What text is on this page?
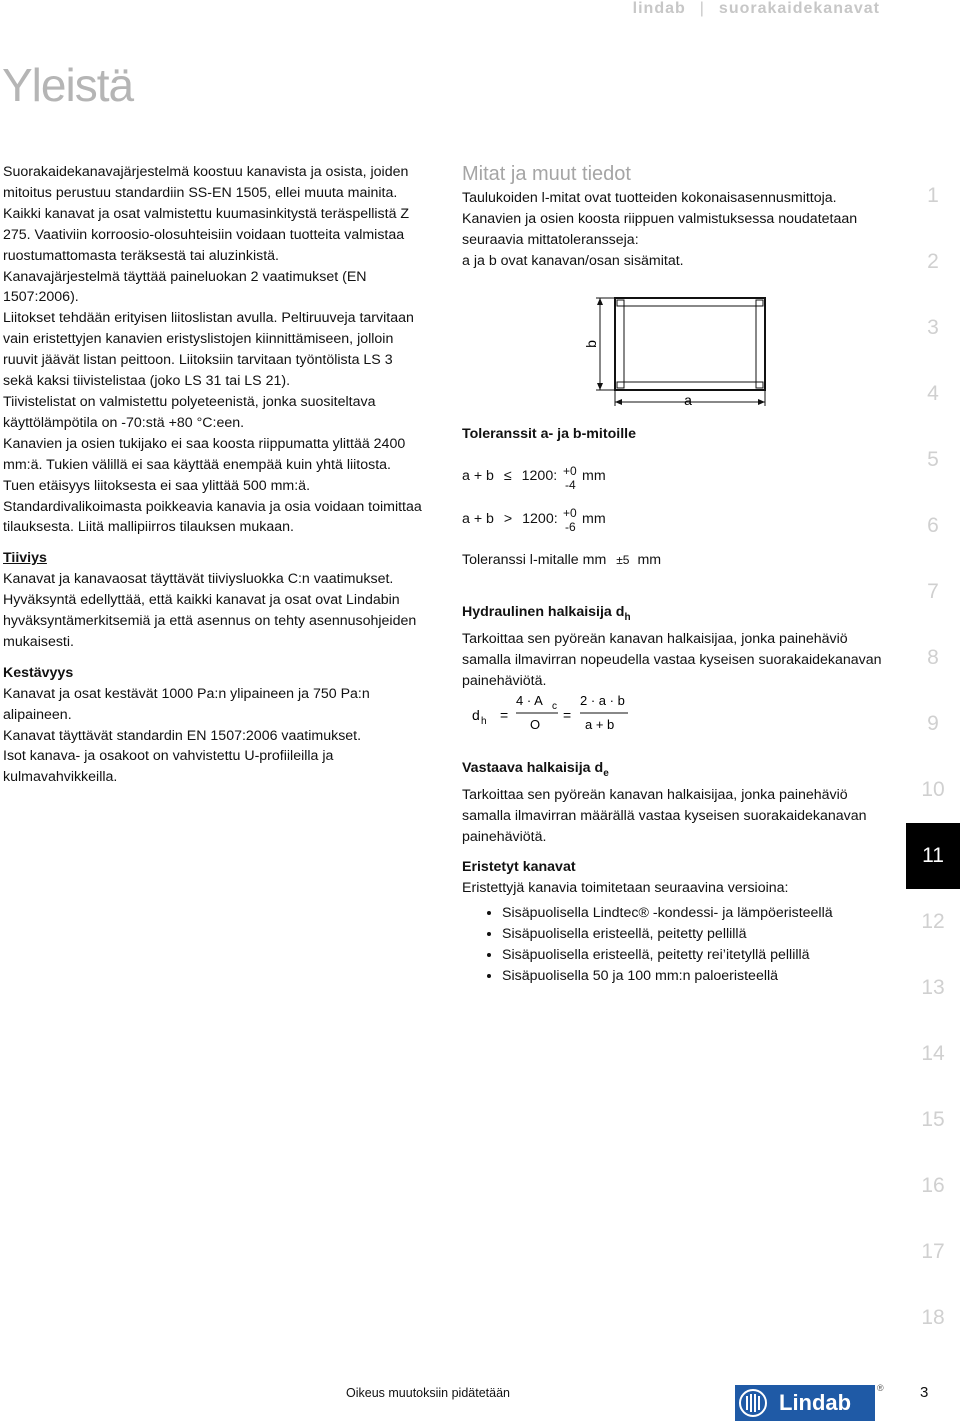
lindab | suorakaidekanavat
Yleistä

Suorakaidekanavajärjestelmä koostuu kanavista ja osista, joiden mitoitus perustuu standardiin SS-EN 1505, ellei muuta mainita.

Kaikki kanavat ja osat valmistettu kuumasinkitystä teräspellistä Z 275. Vaativiin korroosio-olosuhteisiin voidaan tuotteita valmistaa ruostumattomasta teräksestä tai aluzinkistä.

Kanavajärjestelmä täyttää paineluokan 2 vaatimukset (EN 1507:2006).

Liitokset tehdään erityisen liitoslistan avulla. Peltiruuveja tarvitaan vain eristettyjen kanavien eristyslistojen kiinnittämiseen, jolloin ruuvit jäävät listan peittoon. Liitoksiin tarvitaan työntölista LS 3 sekä kaksi tiivistelistaa (joko LS 31 tai LS 21).

Tiivistelistat on valmistettu polyeteenistä, jonka suositeltava käyttölämpötila on -70:stä +80 °C:een.

Kanavien ja osien tukijako ei saa koosta riippumatta ylittää 2400 mm:ä. Tukien välillä ei saa käyttää enempää kuin yhtä liitosta. Tuen etäisyys liitoksesta ei saa ylittää 500 mm:ä.

Standardivalikoimasta poikkeavia kanavia ja osia voidaan toimittaa tilauksesta. Liitä mallipiirros tilauksen mukaan.

Tiiviys

Kanavat ja kanavaosat täyttävät tiiviysluokka C:n vaatimukset. Hyväksyntä edellyttää, että kaikki kanavat ja osat ovat Lindabin hyväksyntämerkitsemiä ja että asennus on tehty asennusohjeiden mukaisesti.

Kestävyys

Kanavat ja osat kestävät 1000 Pa:n ylipaineen ja 750 Pa:n alipaineen.

Kanavat täyttävät standardin EN 1507:2006 vaatimukset.

Isot kanava- ja osakoot on vahvistettu U-profiileilla ja kulmavahvikkeilla.

Mitat ja muut tiedot

Taulukoiden l-mitat ovat tuotteiden kokonaisasennusmittoja. Kanavien ja osien koosta riippuen valmistuksessa noudatetaan seuraavia mittatoleransseja:

a ja b ovat kanavan/osan sisämitat.

b
a
Toleranssit a- ja b-mitoille
a + b ≤ 1200: +0
-4
mm
a + b > 1200: +0
-6 mm
Toleranssi l-mitalle mm ±5 mm

Hydraulinen halkaisija $d_h$

Tarkoittaa sen pyöreän kanavan halkaisijaa, jonka painehäviö samalla ilmavirran nopeudella vastaa kyseisen suorakaidekanavan painehäviötä.

d h =
4 · A c
O
=
2 · a · b
a + b

Vastaava halkaisija $d_e$

Tarkoittaa sen pyöreän kanavan halkaisijaa, jonka painehäviö samalla ilmavirran määrällä vastaa kyseisen suorakaidekanavan painehäviötä.

Eristetyt kanavat

Eristettyjä kanavia toimitetaan seuraavina versioina:

• Sisäpuolisella Lindtec® -kondessi- ja lämpöeristeellä
• Sisäpuolisella eristeellä, peitetty pellillä
• Sisäpuolisella eristeellä, peitetty rei’itetyllä pellillä
• Sisäpuolisella 50 ja 100 mm:n paloeristeellä
1
2
3
4
5
6
7
8
9
10
11
12
13
14
15
16
17
18
Oikeus muutoksiin pidätetään	Lindab
® 3
